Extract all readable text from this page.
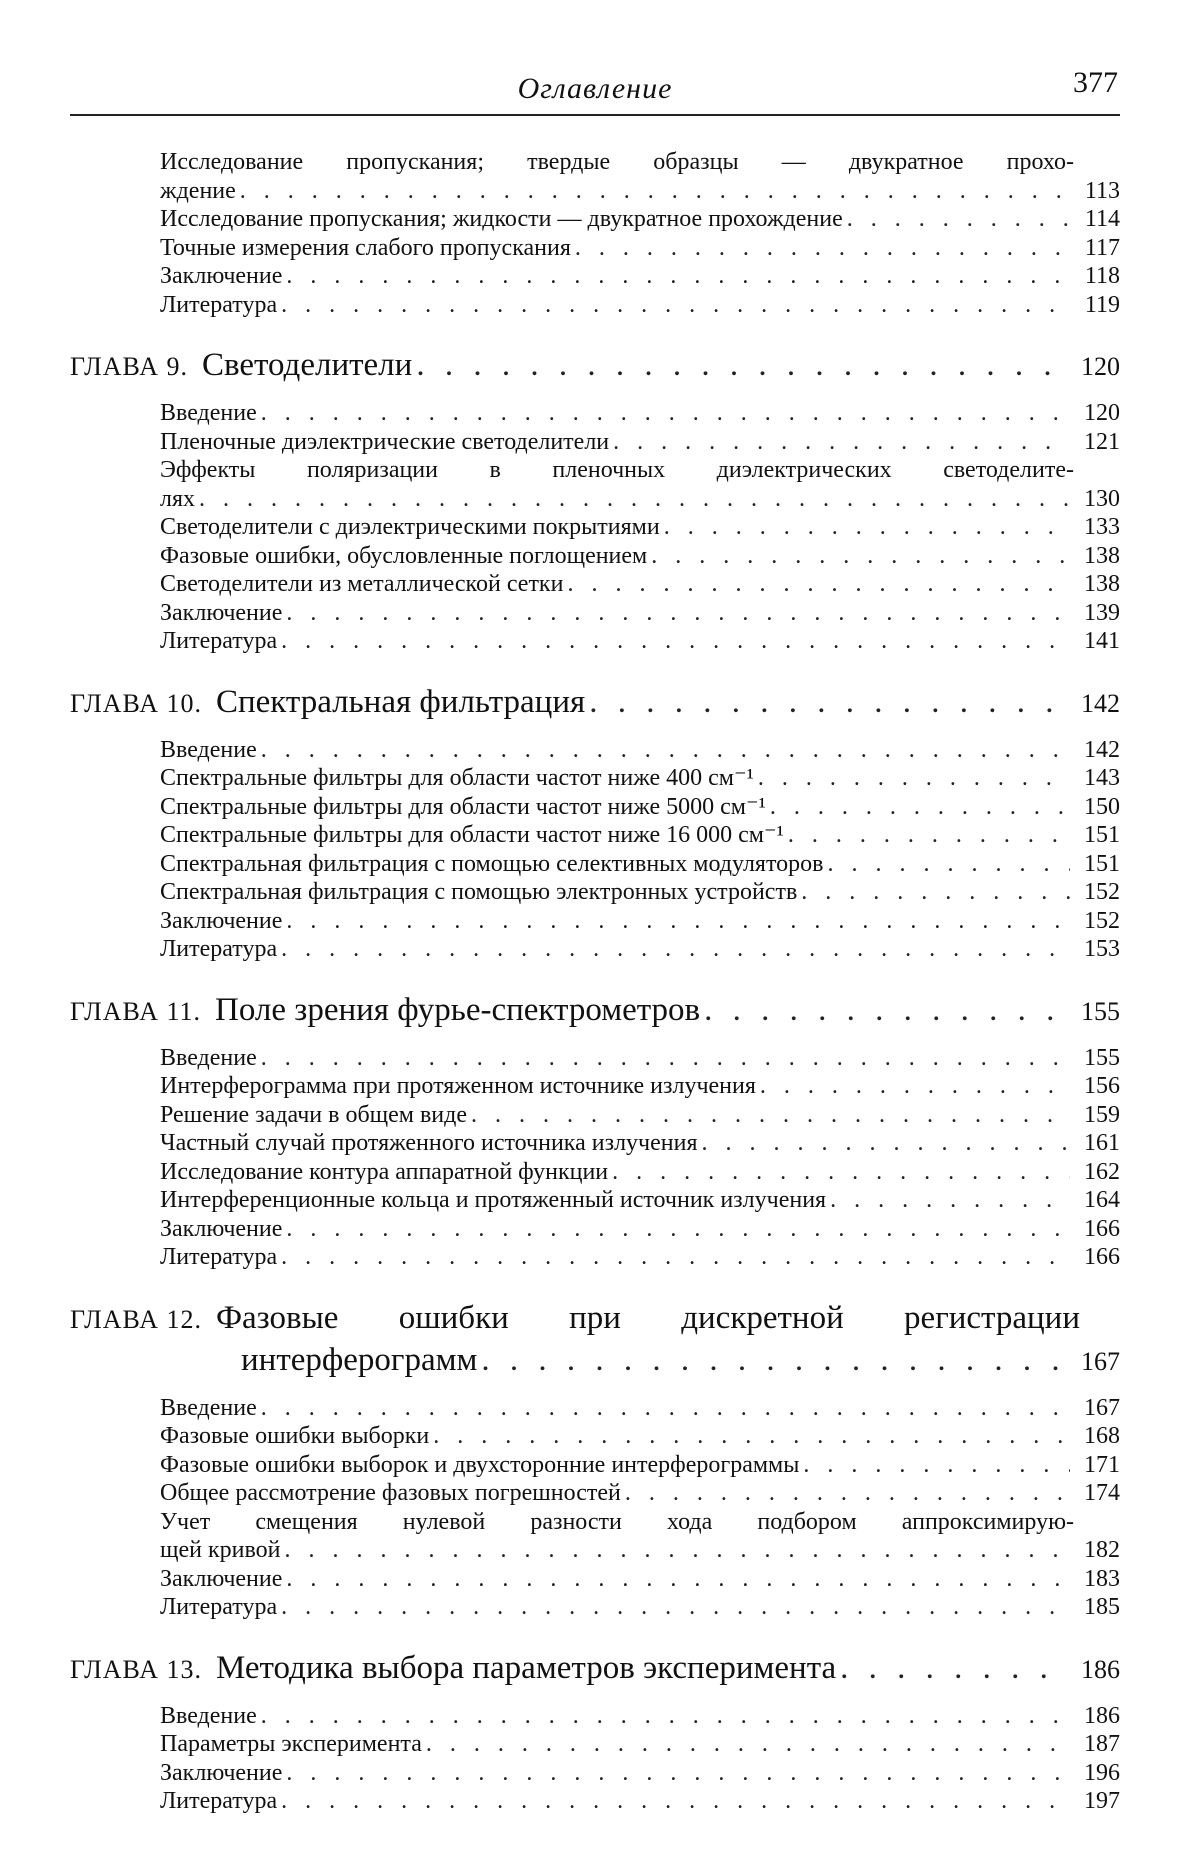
Оглавление	377
Исследование пропускания; твердые образцы — двукратное прохо-
ждение . . .	113
Исследование пропускания; жидкости — двукратное прохождение . . .	114
Точные измерения слабого пропускания . . .	117
Заключение . . .	118
Литература . . .	119
ГЛАВА 9. Светоделители . . .	120
Введение . . .	120
Пленочные диэлектрические светоделители . . .	121
Эффекты поляризации в пленочных диэлектрических светоделите-
лях . . .	130
Светоделители с диэлектрическими покрытиями . . .	133
Фазовые ошибки, обусловленные поглощением . . .	138
Светоделители из металлической сетки . . .	138
Заключение . . .	139
Литература . . .	141
ГЛАВА 10. Спектральная фильтрация . . .	142
Введение . . .	142
Спектральные фильтры для области частот ниже 400 см⁻¹ . . .	143
Спектральные фильтры для области частот ниже 5000 см⁻¹ . . .	150
Спектральные фильтры для области частот ниже 16 000 см⁻¹ . . .	151
Спектральная фильтрация с помощью селективных модуляторов . . .	151
Спектральная фильтрация с помощью электронных устройств . . .	152
Заключение . . .	152
Литература . . .	153
ГЛАВА 11. Поле зрения фурье-спектрометров . . .	155
Введение . . .	155
Интерферограмма при протяженном источнике излучения . . .	156
Решение задачи в общем виде . . .	159
Частный случай протяженного источника излучения . . .	161
Исследование контура аппаратной функции . . .	162
Интерференционные кольца и протяженный источник излучения . . .	164
Заключение . . .	166
Литература . . .	166
ГЛАВА 12. Фазовые ошибки при дискретной регистрации
интерферограмм . . .	167
Введение . . .	167
Фазовые ошибки выборки . . .	168
Фазовые ошибки выборок и двухсторонние интерферограммы . . .	171
Общее рассмотрение фазовых погрешностей . . .	174
Учет смещения нулевой разности хода подбором аппроксимирую-
щей кривой . . .	182
Заключение . . .	183
Литература . . .	185
ГЛАВА 13. Методика выбора параметров эксперимента . . .	186
Введение . . .	186
Параметры эксперимента . . .	187
Заключение . . .	196
Литература . . .	197
